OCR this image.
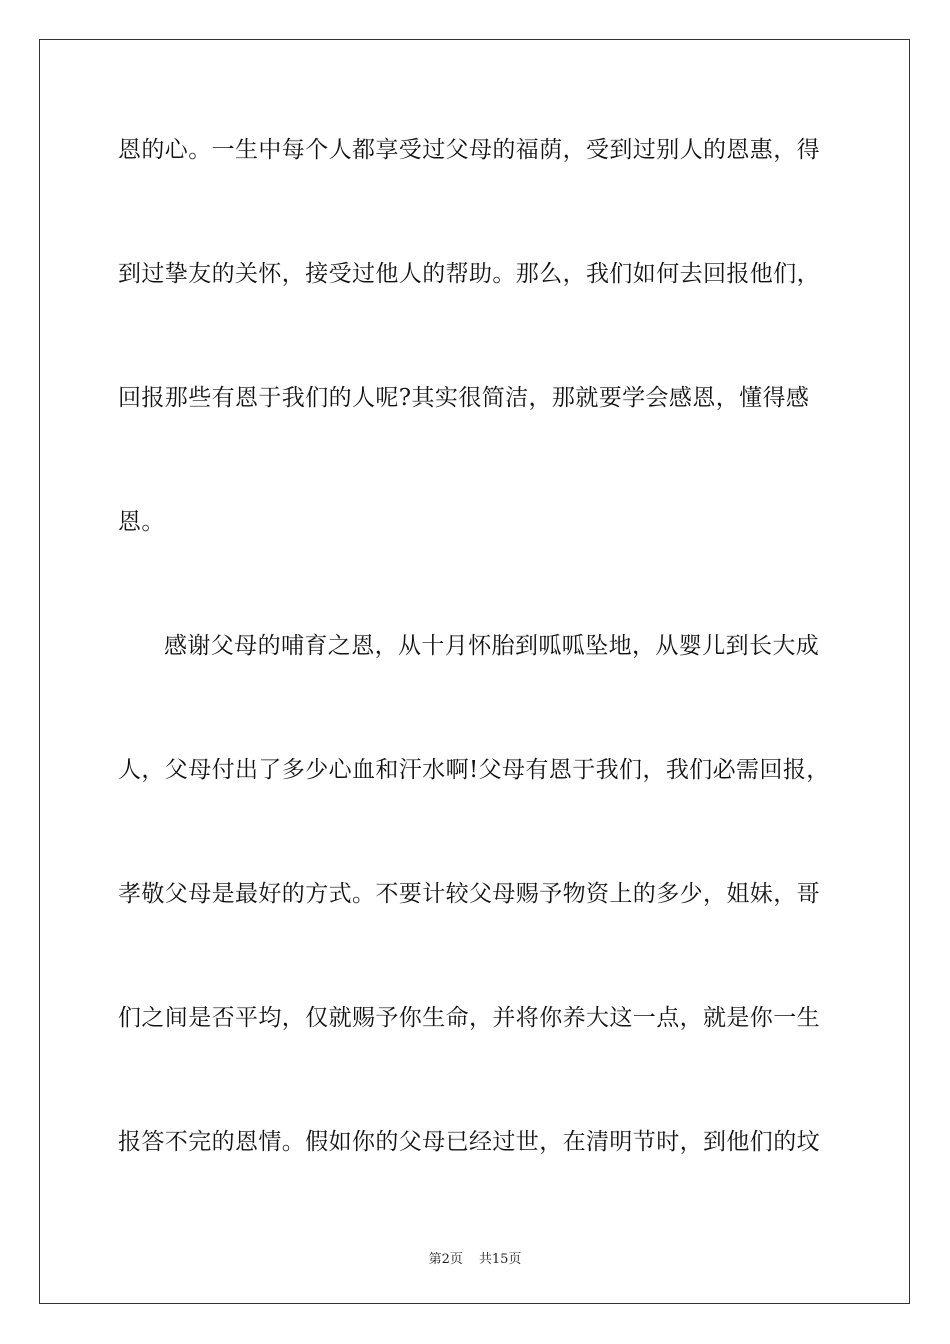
恩的心。一生中每个人都享受过父母的福荫，受到过别人的恩惠，得
到过挚友的关怀，接受过他人的帮助。那么，我们如何去回报他们，
回报那些有恩于我们的人呢?其实很简洁，那就要学会感恩，懂得感
恩。
感谢父母的哺育之恩，从十月怀胎到呱呱坠地，从婴儿到长大成
人，父母付出了多少心血和汗水啊!父母有恩于我们，我们必需回报，
孝敬父母是最好的方式。不要计较父母赐予物资上的多少，姐妹，哥
们之间是否平均，仅就赐予你生命，并将你养大这一点，就是你一生
报答不完的恩情。假如你的父母已经过世，在清明节时，到他们的坟
第2页 共15页
